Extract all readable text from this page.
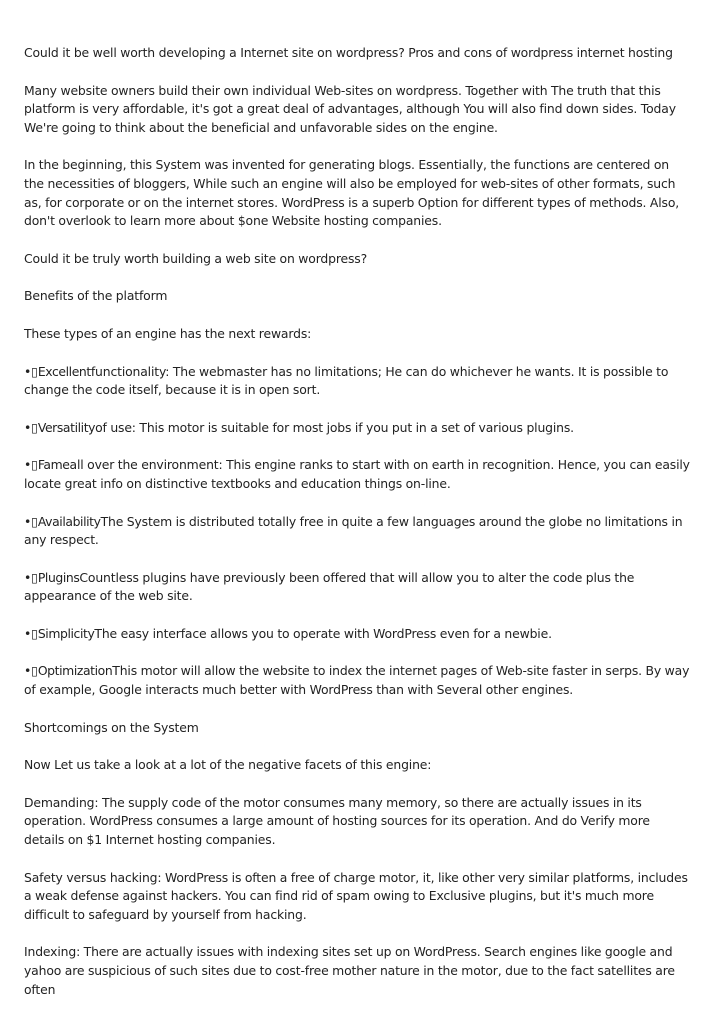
Could it be well worth developing a Internet site on wordpress? Pros and cons of wordpress internet hosting

Many website owners build their own individual Web-sites on wordpress. Together with The truth that this platform is very affordable, it's got a great deal of advantages, although You will also find down sides. Today We're going to think about the beneficial and unfavorable sides on the engine.

In the beginning, this System was invented for generating blogs. Essentially, the functions are centered on the necessities of bloggers, While such an engine will also be employed for web-sites of other formats, such as, for corporate or on the internet stores. WordPress is a superb Option for different types of methods. Also, don't overlook to learn more about $one Website hosting companies.

Could it be truly worth building a web site on wordpress?

Benefits of the platform

These types of an engine has the next rewards:

•▯Excellentfunctionality: The webmaster has no limitations; He can do whichever he wants. It is possible to change the code itself, because it is in open sort.

•▯Versatilityof use: This motor is suitable for most jobs if you put in a set of various plugins.

•▯Fameall over the environment: This engine ranks to start with on earth in recognition. Hence, you can easily locate great info on distinctive textbooks and education things on-line.

•▯AvailabilityThe System is distributed totally free in quite a few languages around the globe no limitations in any respect.

•▯PluginsCountless plugins have previously been offered that will allow you to alter the code plus the appearance of the web site.

•▯SimplicityThe easy interface allows you to operate with WordPress even for a newbie.

•▯OptimizationThis motor will allow the website to index the internet pages of Web-site faster in serps. By way of example, Google interacts much better with WordPress than with Several other engines.

Shortcomings on the System

Now Let us take a look at a lot of the negative facets of this engine:

Demanding: The supply code of the motor consumes many memory, so there are actually issues in its operation. WordPress consumes a large amount of hosting sources for its operation. And do Verify more details on $1 Internet hosting companies.

Safety versus hacking: WordPress is often a free of charge motor, it, like other very similar platforms, includes a weak defense against hackers. You can find rid of spam owing to Exclusive plugins, but it's much more difficult to safeguard by yourself from hacking.

Indexing: There are actually issues with indexing sites set up on WordPress. Search engines like google and yahoo are suspicious of such sites due to cost-free mother nature in the motor, due to the fact satellites are often
